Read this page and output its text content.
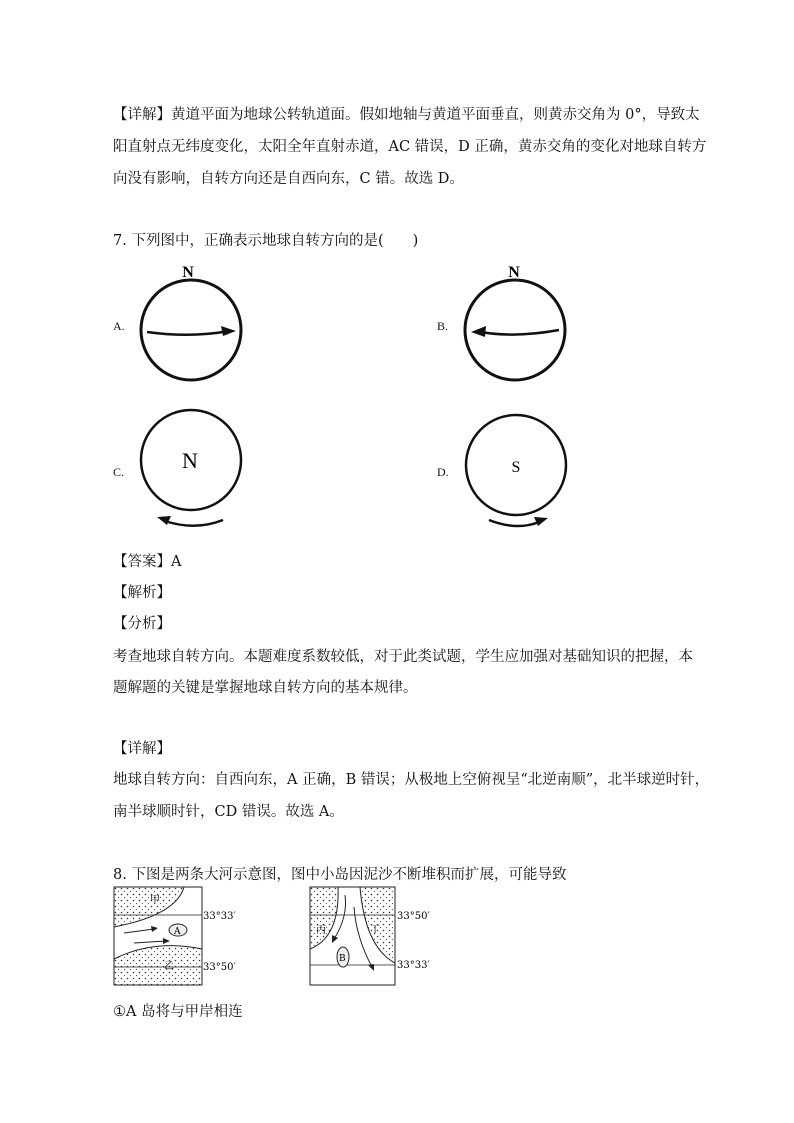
【详解】黄道平面为地球公转轨道面。假如地轴与黄道平面垂直，则黄赤交角为 0°，导致太
阳直射点无纬度变化，太阳全年直射赤道，AC 错误，D 正确，黄赤交角的变化对地球自转方
向没有影响，自转方向还是自西向东，C 错。故选 D。
7. 下列图中，正确表示地球自转方向的是(　　)
A.
N
B.
N
C.	N	D.	S
【答案】A
【解析】
【分析】
考查地球自转方向。本题难度系数较低，对于此类试题，学生应加强对基础知识的把握，本
题解题的关键是掌握地球自转方向的基本规律。
【详解】
地球自转方向：自西向东，A 正确，B 错误；从极地上空俯视呈“北逆南顺”，北半球逆时针，
南半球顺时针，CD 错误。故选 A。
8. 下图是两条大河示意图，图中小岛因泥沙不断堆积而扩展，可能导致
甲
乙
A
33°33′
33°50′
丙	丁
B
33°50′
33°33′
①A 岛将与甲岸相连
